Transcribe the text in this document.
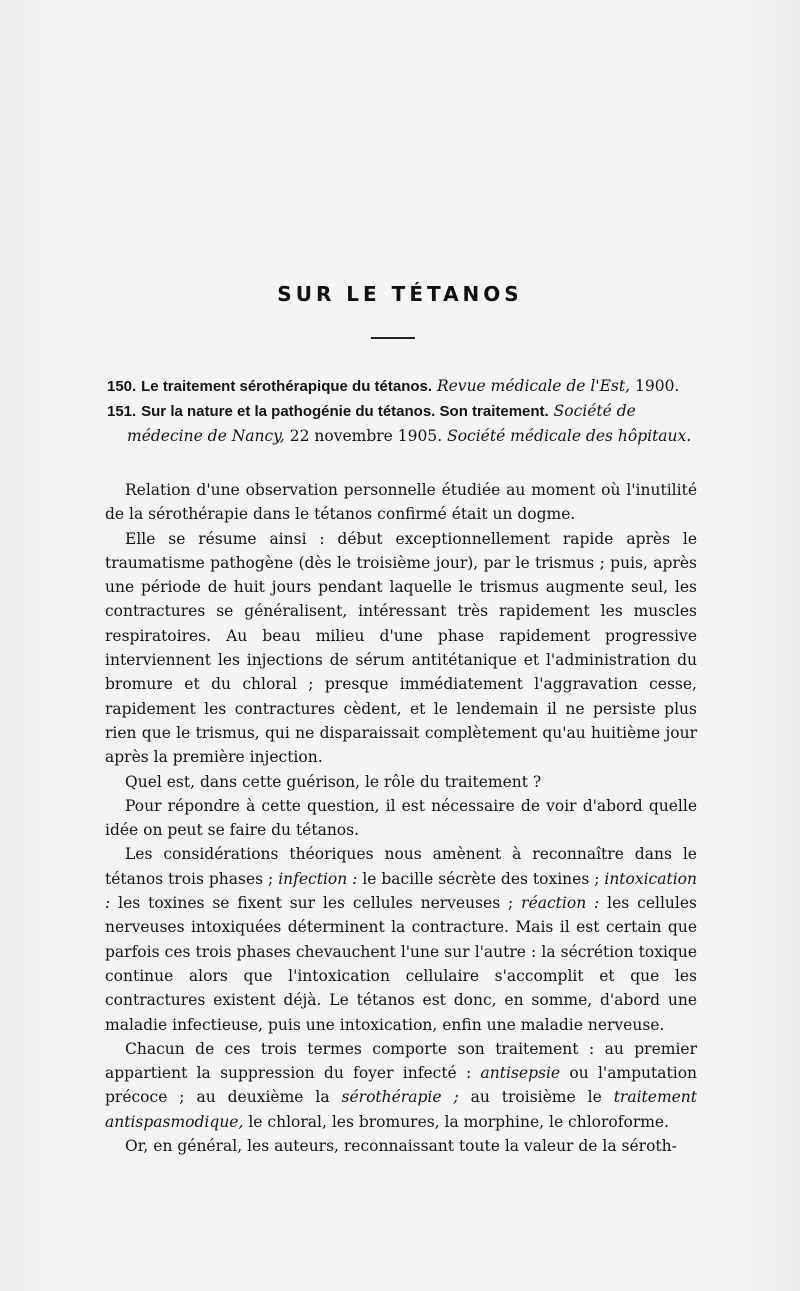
SUR LE TÉTANOS
150. Le traitement sérothérapique du tétanos. Revue médicale de l'Est, 1900.
151. Sur la nature et la pathogénie du tétanos. Son traitement. Société de
médecine de Nancy, 22 novembre 1905. Société médicale des hôpitaux.

Relation d'une observation personnelle étudiée au moment où l'inutilité de la sérothérapie dans le tétanos confirmé était un dogme.

Elle se résume ainsi : début exceptionnellement rapide après le traumatisme pathogène (dès le troisième jour), par le trismus ; puis, après une période de huit jours pendant laquelle le trismus augmente seul, les contractures se généralisent, intéressant très rapidement les muscles respiratoires. Au beau milieu d'une phase rapidement progressive interviennent les injections de sérum antitétanique et l'administration du bromure et du chloral ; presque immédiatement l'aggravation cesse, rapidement les contractures cèdent, et le lendemain il ne persiste plus rien que le trismus, qui ne disparaissait complètement qu'au huitième jour après la première injection.

Quel est, dans cette guérison, le rôle du traitement ?

Pour répondre à cette question, il est nécessaire de voir d'abord quelle idée on peut se faire du tétanos.

Les considérations théoriques nous amènent à reconnaître dans le tétanos trois phases ; infection : le bacille sécrète des toxines ; intoxication : les toxines se fixent sur les cellules nerveuses ; réaction : les cellules nerveuses intoxiquées déterminent la contracture. Mais il est certain que parfois ces trois phases chevauchent l'une sur l'autre : la sécrétion toxique continue alors que l'intoxication cellulaire s'accomplit et que les contractures existent déjà. Le tétanos est donc, en somme, d'abord une maladie infectieuse, puis une intoxication, enfin une maladie nerveuse.

Chacun de ces trois termes comporte son traitement : au premier appartient la suppression du foyer infecté : antisepsie ou l'amputation précoce ; au deuxième la sérothérapie ; au troisième le traitement antispasmodique, le chloral, les bromures, la morphine, le chloroforme.

Or, en général, les auteurs, reconnaissant toute la valeur de la séroth-
